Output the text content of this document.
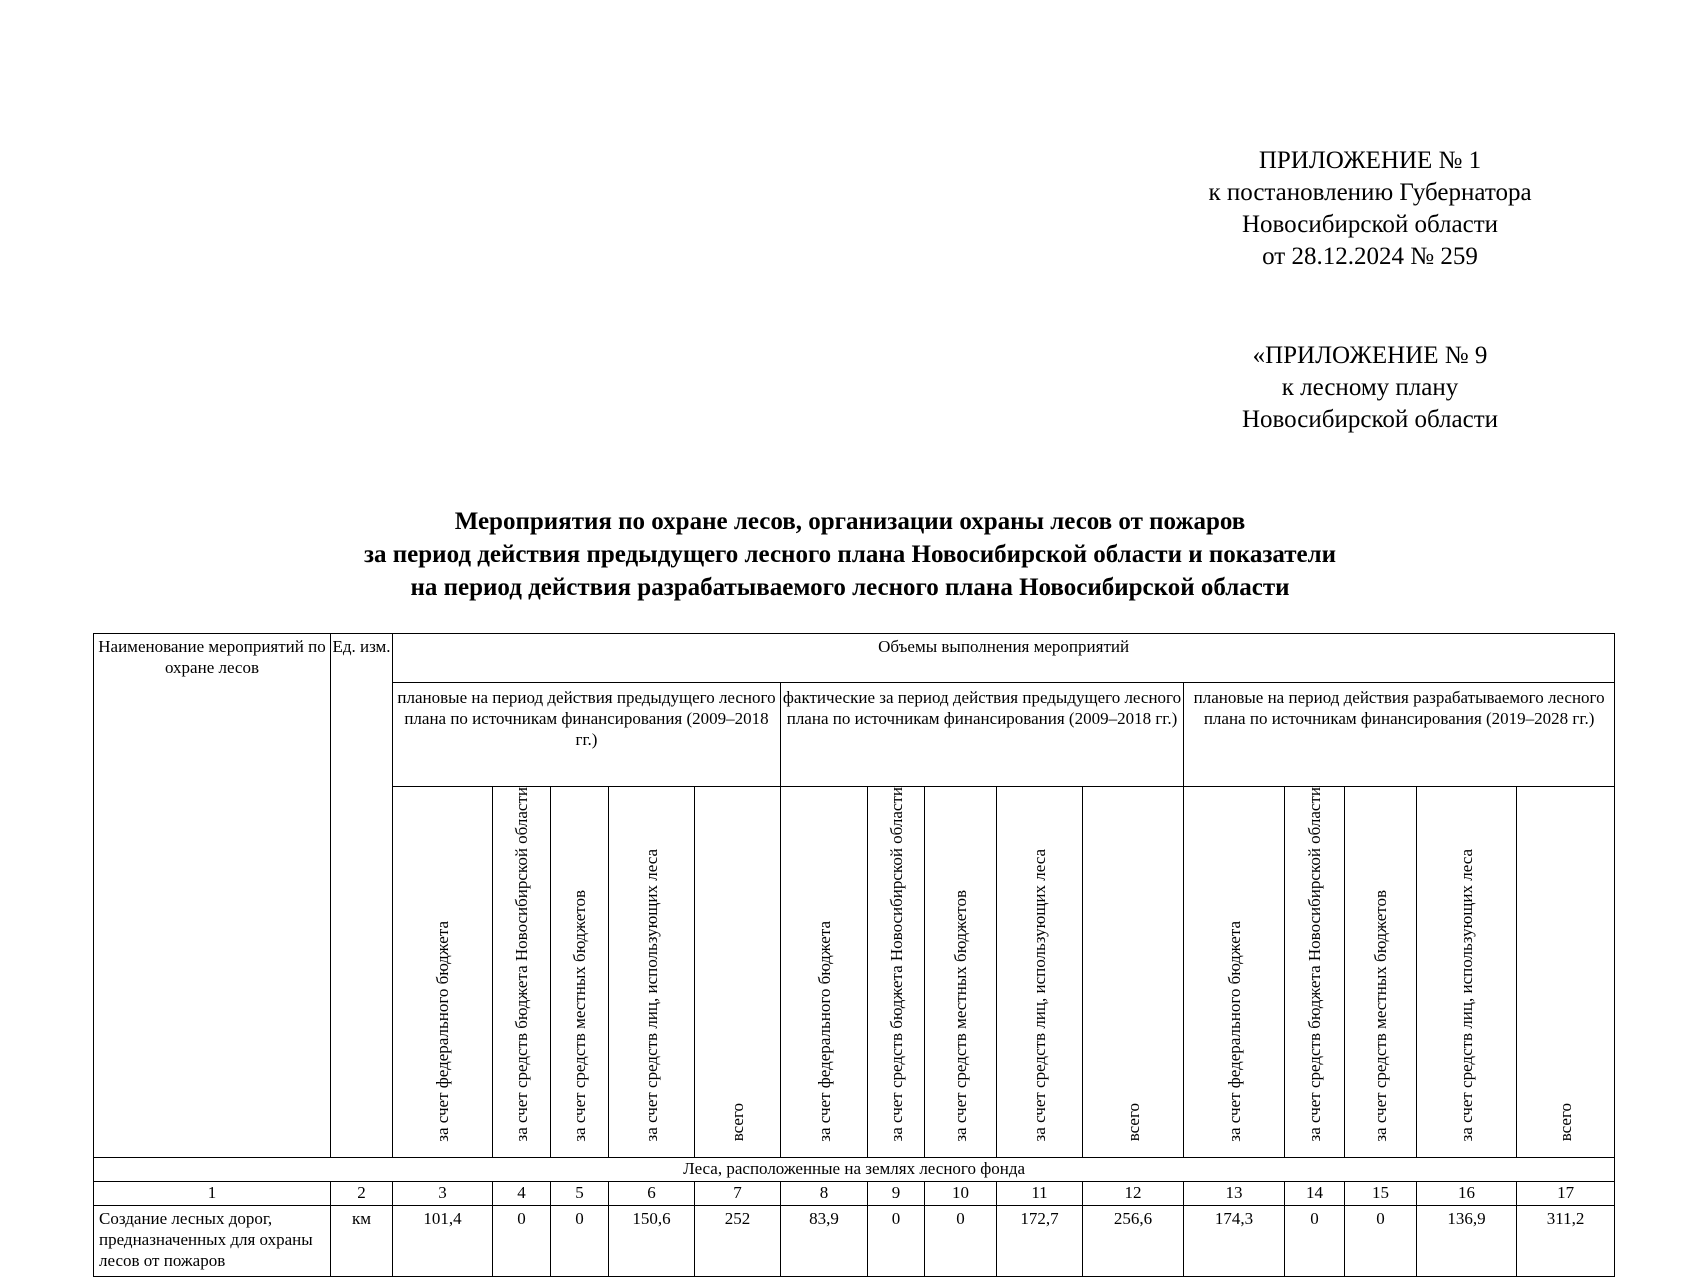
ПРИЛОЖЕНИЕ № 1
к постановлению Губернатора
Новосибирской области
от 28.12.2024 № 259
«ПРИЛОЖЕНИЕ № 9
к лесному плану
Новосибирской области
Мероприятия по охране лесов, организации охраны лесов от пожаров
за период действия предыдущего лесного плана Новосибирской области и показатели
на период действия разрабатываемого лесного плана Новосибирской области
Наименование мероприятий по охране лесов	Ед. изм.	Объемы выполнения мероприятий														
		плановые на период действия предыдущего лесного плана по источникам финансирования (2009–2018 гг.)					фактические за период действия предыдущего лесного плана по источникам финансирования (2009–2018 гг.)					плановые на период действия разрабатываемого лесного плана по источникам финансирования (2019–2028 гг.)				
		за счет федерального бюджета	за счет средств бюджета Новосибирской области	за счет средств местных бюджетов	за счет средств лиц, использующих леса	всего	за счет федерального бюджета	за счет средств бюджета Новосибирской области	за счет средств местных бюджетов	за счет средств лиц, использующих леса	всего	за счет федерального бюджета	за счет средств бюджета Новосибирской области	за счет средств местных бюджетов	за счет средств лиц, использующих леса	всего
Леса, расположенные на землях лесного фонда																
1	2	3	4	5	6	7	8	9	10	11	12	13	14	15	16	17
Создание лесных дорог, предназначенных для охраны лесов от пожаров	км	101,4	0	0	150,6	252	83,9	0	0	172,7	256,6	174,3	0	0	136,9	311,2
